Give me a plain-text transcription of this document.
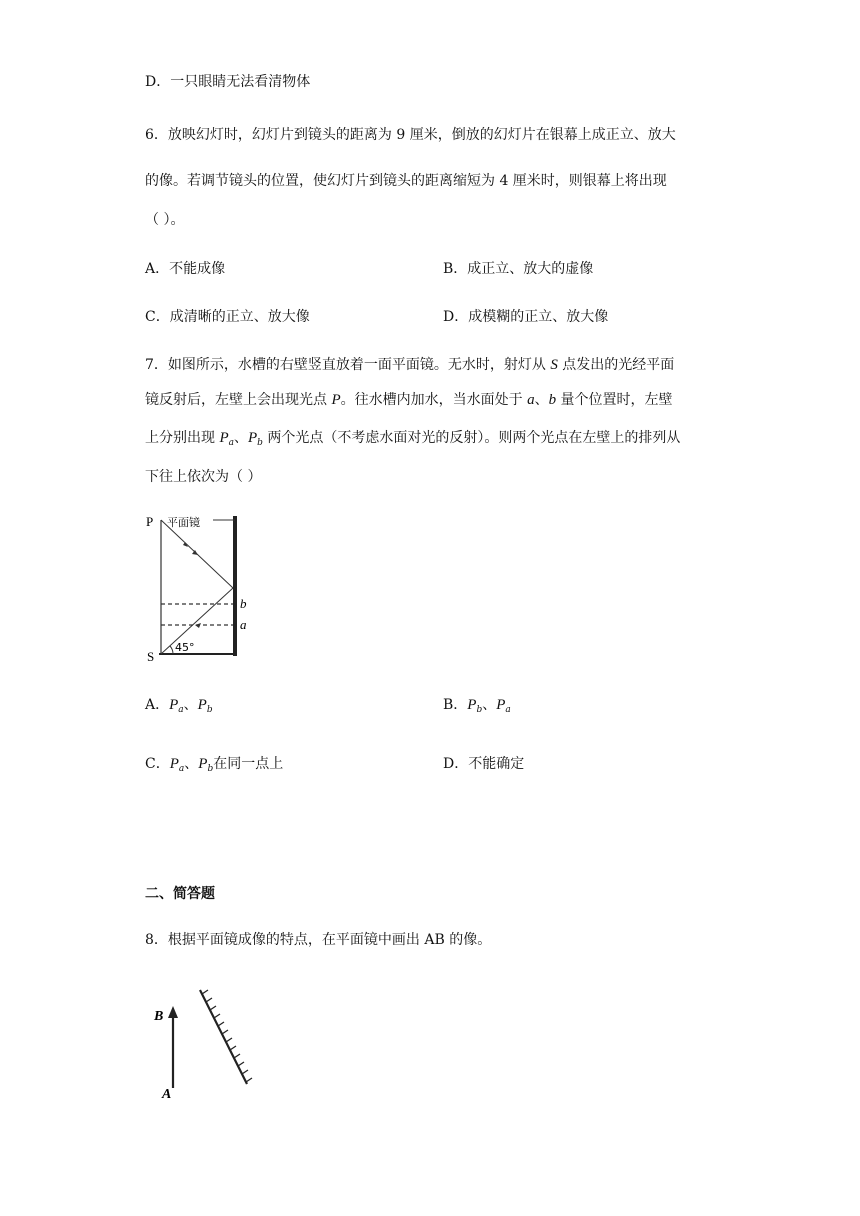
D．一只眼睛无法看清物体
6．放映幻灯时，幻灯片到镜头的距离为 9 厘米，倒放的幻灯片在银幕上成正立、放大
的像。若调节镜头的位置，使幻灯片到镜头的距离缩短为 4 厘米时，则银幕上将出现
（ ）。
A．不能成像	B．成正立、放大的虚像
C．成清晰的正立、放大像	D．成模糊的正立、放大像
7．如图所示，水槽的右壁竖直放着一面平面镜。无水时，射灯从 S 点发出的光经平面
镜反射后，左壁上会出现光点 P。往水槽内加水，当水面处于 a、b 量个位置时，左壁
上分别出现 $P_a$、$P_b$ 两个光点（不考虑水面对光的反射）。则两个光点在左壁上的排列从
下往上依次为（ ）
P 平面镜
b
a
S
45°
A．$P_a$、$P_b$	B．$P_b$、$P_a$
C．$P_a$、$P_b$在同一点上	D．不能确定
二、简答题
8．根据平面镜成像的特点，在平面镜中画出 AB 的像。
B
A
